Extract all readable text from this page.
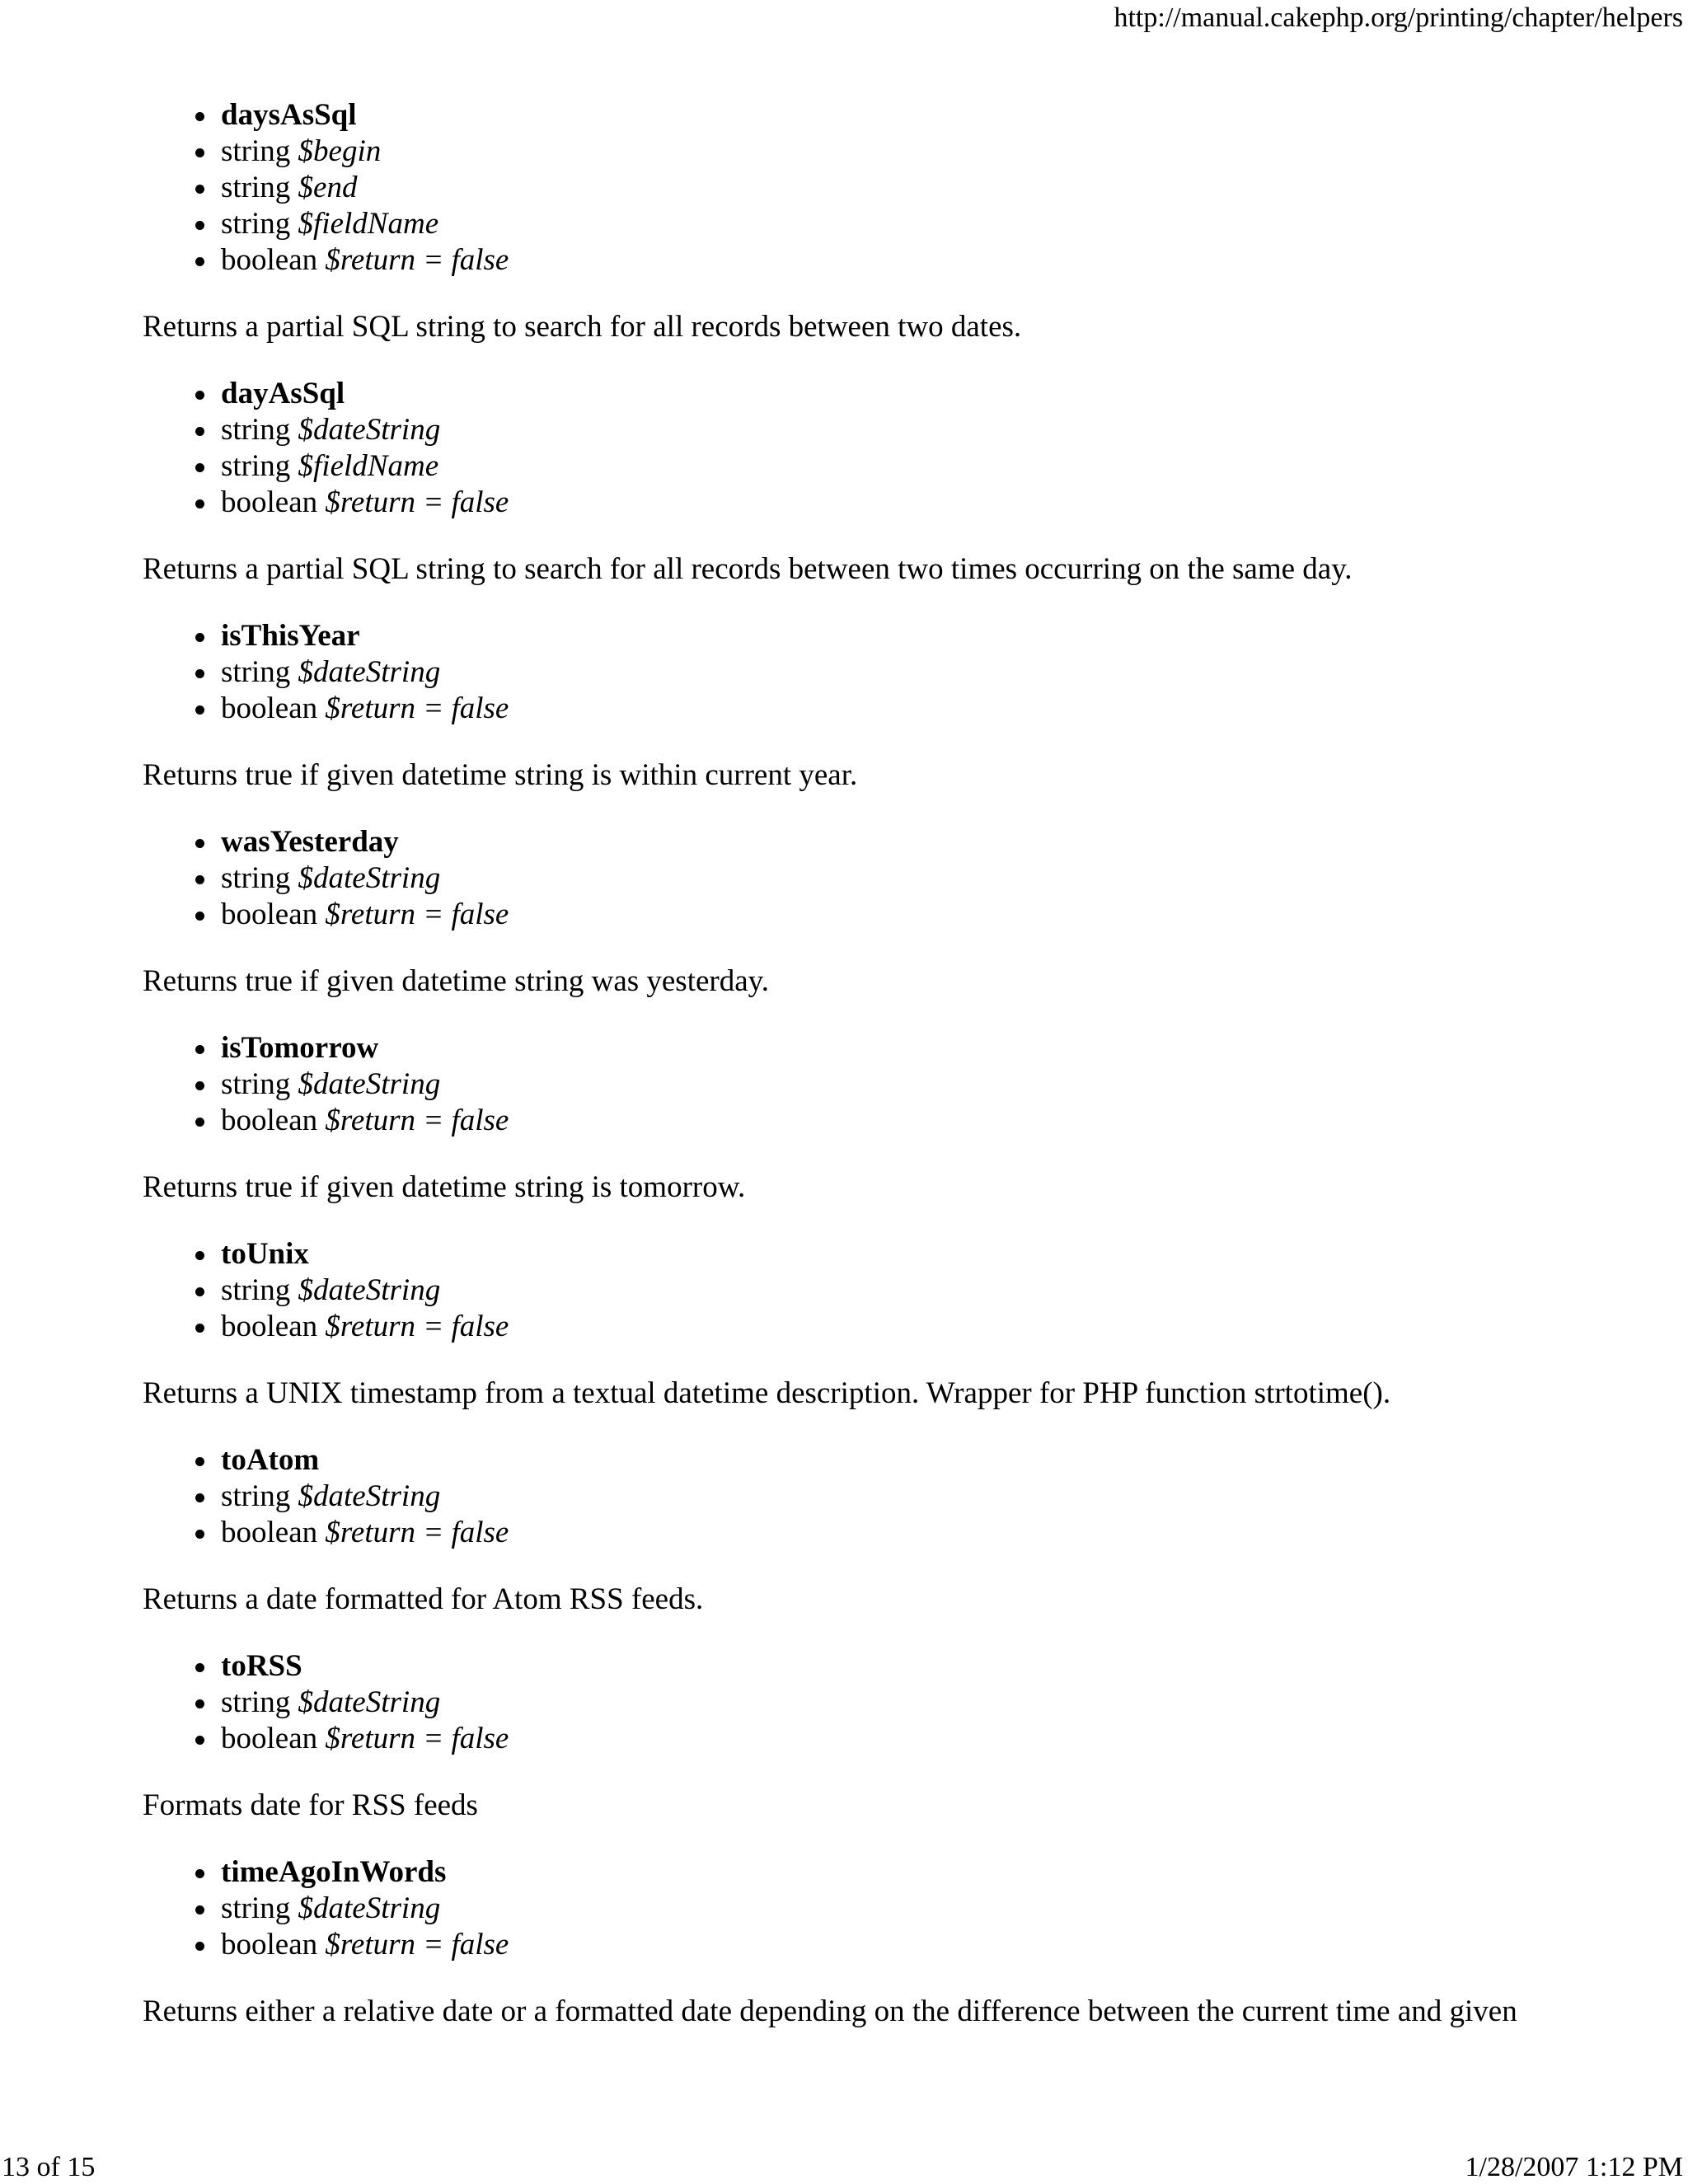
http://manual.cakephp.org/printing/chapter/helpers
daysAsSql
string $begin
string $end
string $fieldName
boolean $return = false

Returns a partial SQL string to search for all records between two dates.

dayAsSql
string $dateString
string $fieldName
boolean $return = false

Returns a partial SQL string to search for all records between two times occurring on the same day.

isThisYear
string $dateString
boolean $return = false

Returns true if given datetime string is within current year.

wasYesterday
string $dateString
boolean $return = false

Returns true if given datetime string was yesterday.

isTomorrow
string $dateString
boolean $return = false

Returns true if given datetime string is tomorrow.

toUnix
string $dateString
boolean $return = false

Returns a UNIX timestamp from a textual datetime description. Wrapper for PHP function strtotime().

toAtom
string $dateString
boolean $return = false

Returns a date formatted for Atom RSS feeds.

toRSS
string $dateString
boolean $return = false

Formats date for RSS feeds

timeAgoInWords
string $dateString
boolean $return = false

Returns either a relative date or a formatted date depending on the difference between the current time and given

13 of 15	1/28/2007 1:12 PM
